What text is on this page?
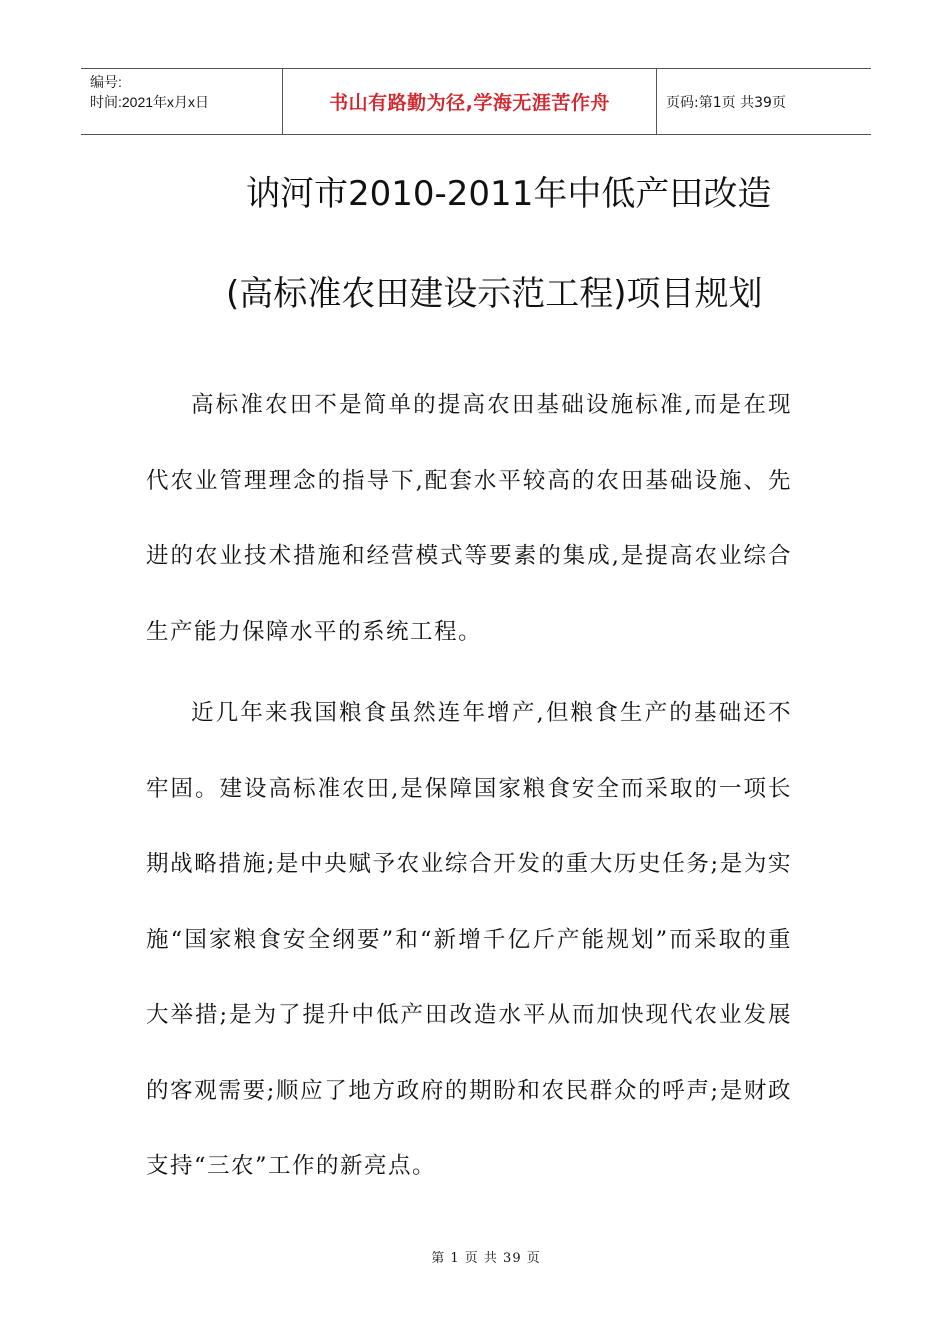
编号:
时间:2021年x月x日	书山有路勤为径,学海无涯苦作舟	页码:第1页 共39页
讷河市2010-2011年中低产田改造
(高标准农田建设示范工程)项目规划

高标准农田不是简单的提高农田基础设施标准,而是在现代农业管理理念的指导下,配套水平较高的农田基础设施、先进的农业技术措施和经营模式等要素的集成,是提高农业综合生产能力保障水平的系统工程。

近几年来我国粮食虽然连年增产,但粮食生产的基础还不牢固。建设高标准农田,是保障国家粮食安全而采取的一项长期战略措施;是中央赋予农业综合开发的重大历史任务;是为实施“国家粮食安全纲要”和“新增千亿斤产能规划”而采取的重大举措;是为了提升中低产田改造水平从而加快现代农业发展的客观需要;顺应了地方政府的期盼和农民群众的呼声;是财政支持“三农”工作的新亮点。

第 1 页 共 39 页
